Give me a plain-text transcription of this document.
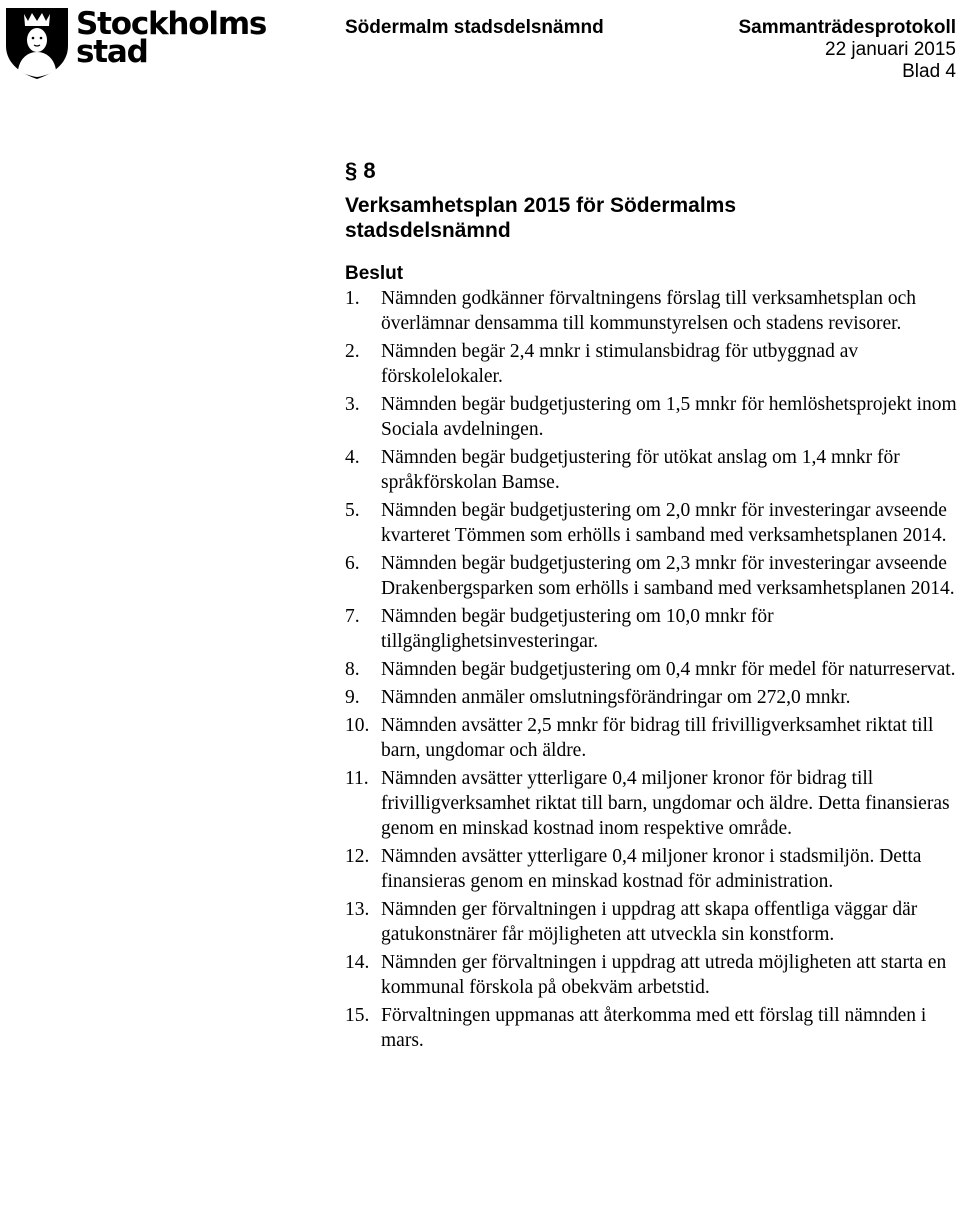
Stockholms
stad
Södermalm stadsdelsnämnd	Sammanträdesprotokoll
22 januari 2015
Blad 4
§ 8
Verksamhetsplan 2015 för Södermalms stadsdelsnämnd
Beslut
1.	Nämnden godkänner förvaltningens förslag till verksamhetsplan och överlämnar densamma till kommunstyrelsen och stadens revisorer.
2.	Nämnden begär 2,4 mnkr i stimulansbidrag för utbyggnad av förskolelokaler.
3.	Nämnden begär budgetjustering om 1,5 mnkr för hemlöshetsprojekt inom Sociala avdelningen.
4.	Nämnden begär budgetjustering för utökat anslag om 1,4 mnkr för språkförskolan Bamse.
5.	Nämnden begär budgetjustering om 2,0 mnkr för investeringar avseende kvarteret Tömmen som erhölls i samband med verksamhetsplanen 2014.
6.	Nämnden begär budgetjustering om 2,3 mnkr för investeringar avseende Drakenbergsparken som erhölls i samband med verksamhetsplanen 2014.
7.	Nämnden begär budgetjustering om 10,0 mnkr för tillgänglighetsinvesteringar.
8.	Nämnden begär budgetjustering om 0,4 mnkr för medel för naturreservat.
9.	Nämnden anmäler omslutningsförändringar om 272,0 mnkr.
10. Nämnden avsätter 2,5 mnkr för bidrag till frivilligverksamhet riktat till barn, ungdomar och äldre.
11. Nämnden avsätter ytterligare 0,4 miljoner kronor för bidrag till frivilligverksamhet riktat till barn, ungdomar och äldre. Detta finansieras genom en minskad kostnad inom respektive område.
12. Nämnden avsätter ytterligare 0,4 miljoner kronor i stadsmiljön. Detta finansieras genom en minskad kostnad för administration.
13. Nämnden ger förvaltningen i uppdrag att skapa offentliga väggar där gatukonstnärer får möjligheten att utveckla sin konstform.
14. Nämnden ger förvaltningen i uppdrag att utreda möjligheten att starta en kommunal förskola på obekväm arbetstid.
15. Förvaltningen uppmanas att återkomma med ett förslag till nämnden i mars.
